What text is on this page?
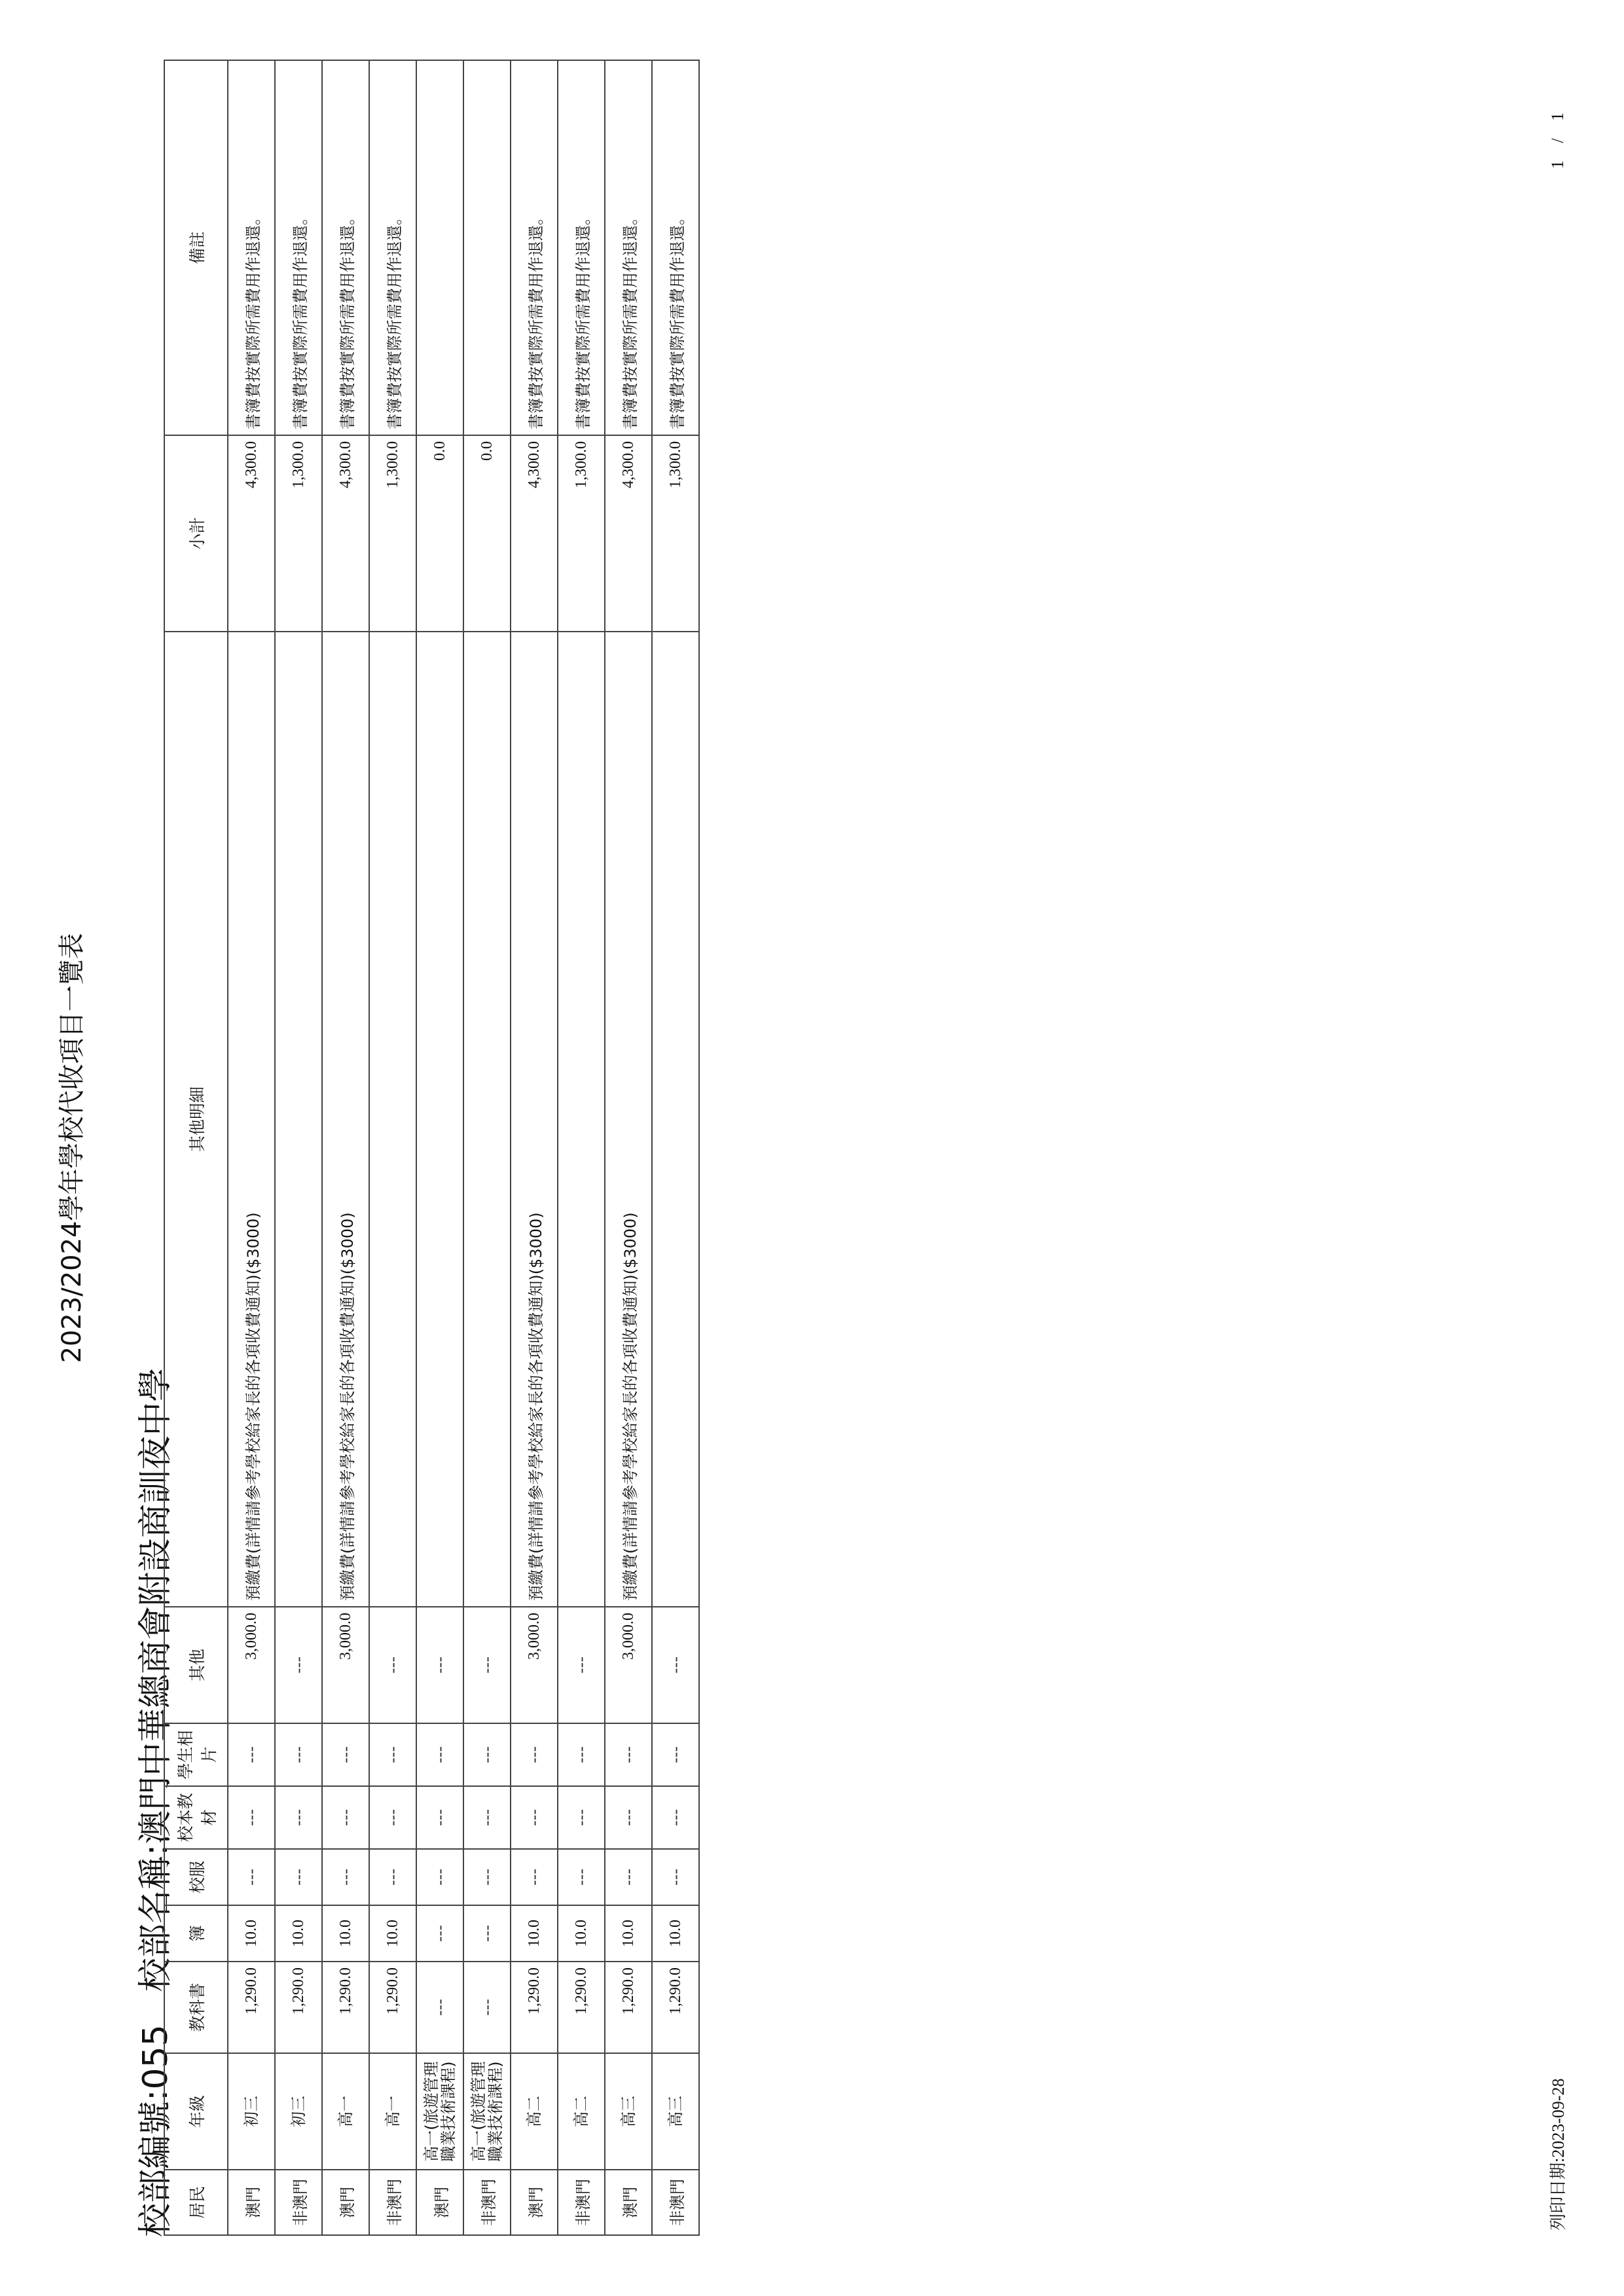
2023/2024學年學校代收項目一覽表
校部編號:055校部名稱:澳門中華總商會附設商訓夜中學
居民	年級	教科書	簿	校服	校本教材	學生相片	其他	其他明細	小計	備註
澳門	初三	1,290.0	10.0	---	---	---	3,000.0	預繳費(詳情請參考學校給家長的各項收費通知)($3000)	4,300.0	書簿費按實際所需費用作退還。
非澳門	初三	1,290.0	10.0	---	---	---	---		1,300.0	書簿費按實際所需費用作退還。
澳門	高一	1,290.0	10.0	---	---	---	3,000.0	預繳費(詳情請參考學校給家長的各項收費通知)($3000)	4,300.0	書簿費按實際所需費用作退還。
非澳門	高一	1,290.0	10.0	---	---	---	---		1,300.0	書簿費按實際所需費用作退還。
澳門	高一(旅遊管理職業技術課程)	---	---	---	---	---	---		0.0	
非澳門	高一(旅遊管理職業技術課程)	---	---	---	---	---	---		0.0	
澳門	高二	1,290.0	10.0	---	---	---	3,000.0	預繳費(詳情請參考學校給家長的各項收費通知)($3000)	4,300.0	書簿費按實際所需費用作退還。
非澳門	高二	1,290.0	10.0	---	---	---	---		1,300.0	書簿費按實際所需費用作退還。
澳門	高三	1,290.0	10.0	---	---	---	3,000.0	預繳費(詳情請參考學校給家長的各項收費通知)($3000)	4,300.0	書簿費按實際所需費用作退還。
非澳門	高三	1,290.0	10.0	---	---	---	---		1,300.0	書簿費按實際所需費用作退還。
列印日期:2023-09-28
1 / 1
